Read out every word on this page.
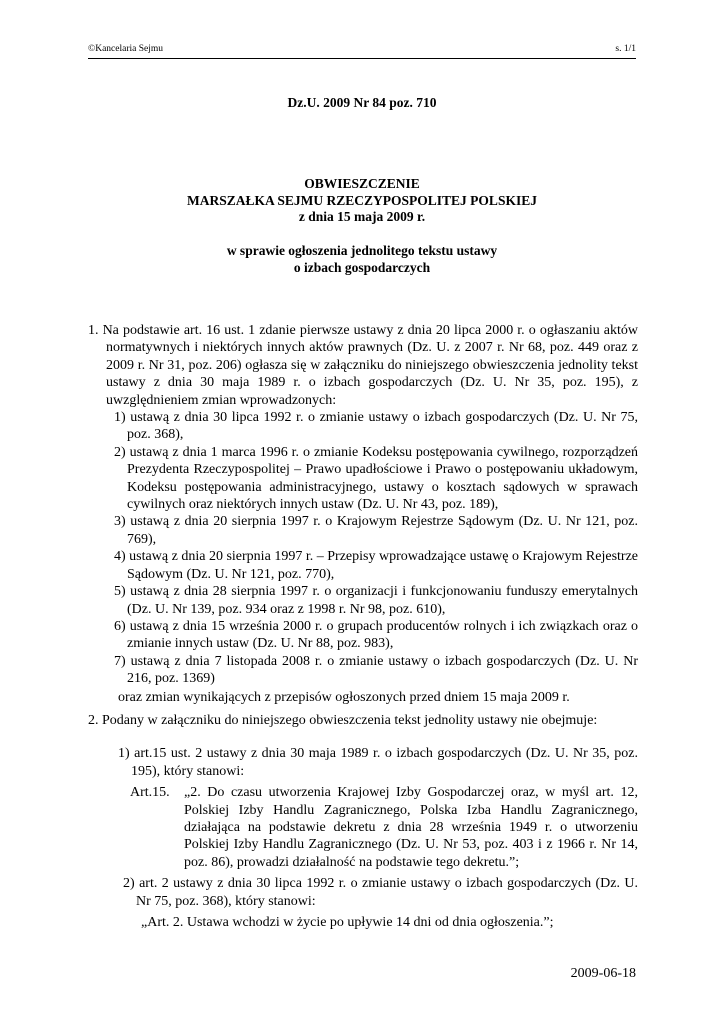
©Kancelaria Sejmu	s. 1/1
Dz.U. 2009 Nr 84 poz. 710
OBWIESZCZENIE
MARSZAŁKA SEJMU RZECZYPOSPOLITEJ POLSKIEJ
z dnia 15 maja 2009 r.
w sprawie ogłoszenia jednolitego tekstu ustawy
o izbach gospodarczych
1. Na podstawie art. 16 ust. 1 zdanie pierwsze ustawy z dnia 20 lipca 2000 r. o ogłaszaniu aktów normatywnych i niektórych innych aktów prawnych (Dz. U. z 2007 r. Nr 68, poz. 449 oraz z 2009 r. Nr 31, poz. 206) ogłasza się w załączniku do niniejszego obwieszczenia jednolity tekst ustawy z dnia 30 maja 1989 r. o izbach gospodarczych (Dz. U. Nr 35, poz. 195), z uwzględnieniem zmian wprowadzonych:
1) ustawą z dnia 30 lipca 1992 r. o zmianie ustawy o izbach gospodarczych (Dz. U. Nr 75, poz. 368),
2) ustawą z dnia 1 marca 1996 r. o zmianie Kodeksu postępowania cywilnego, rozporządzeń Prezydenta Rzeczypospolitej – Prawo upadłościowe i Prawo o postępowaniu układowym, Kodeksu postępowania administracyjnego, ustawy o kosztach sądowych w sprawach cywilnych oraz niektórych innych ustaw (Dz. U. Nr 43, poz. 189),
3) ustawą z dnia 20 sierpnia 1997 r. o Krajowym Rejestrze Sądowym (Dz. U. Nr 121, poz. 769),
4) ustawą z dnia 20 sierpnia 1997 r. – Przepisy wprowadzające ustawę o Krajowym Rejestrze Sądowym (Dz. U. Nr 121, poz. 770),
5) ustawą z dnia 28 sierpnia 1997 r. o organizacji i funkcjonowaniu funduszy emerytalnych (Dz. U. Nr 139, poz. 934 oraz z 1998 r. Nr 98, poz. 610),
6) ustawą z dnia 15 września 2000 r. o grupach producentów rolnych i ich związkach oraz o zmianie innych ustaw (Dz. U. Nr 88, poz. 983),
7) ustawą z dnia 7 listopada 2008 r. o zmianie ustawy o izbach gospodarczych (Dz. U. Nr 216, poz. 1369)
oraz zmian wynikających z przepisów ogłoszonych przed dniem 15 maja 2009 r.
2. Podany w załączniku do niniejszego obwieszczenia tekst jednolity ustawy nie obejmuje:
1) art.15 ust. 2 ustawy z dnia 30 maja 1989 r. o izbach gospodarczych (Dz. U. Nr 35, poz. 195), który stanowi:
Art.15.	„2. Do czasu utworzenia Krajowej Izby Gospodarczej oraz, w myśl art. 12, Polskiej Izby Handlu Zagranicznego, Polska Izba Handlu Zagranicznego, działająca na podstawie dekretu z dnia 28 września 1949 r. o utworzeniu Polskiej Izby Handlu Zagranicznego (Dz. U. Nr 53, poz. 403 i z 1966 r. Nr 14, poz. 86), prowadzi działalność na podstawie tego dekretu.”;
2) art. 2 ustawy z dnia 30 lipca 1992 r. o zmianie ustawy o izbach gospodarczych (Dz. U. Nr 75, poz. 368), który stanowi:
„Art. 2. Ustawa wchodzi w życie po upływie 14 dni od dnia ogłoszenia.”;
2009-06-18
